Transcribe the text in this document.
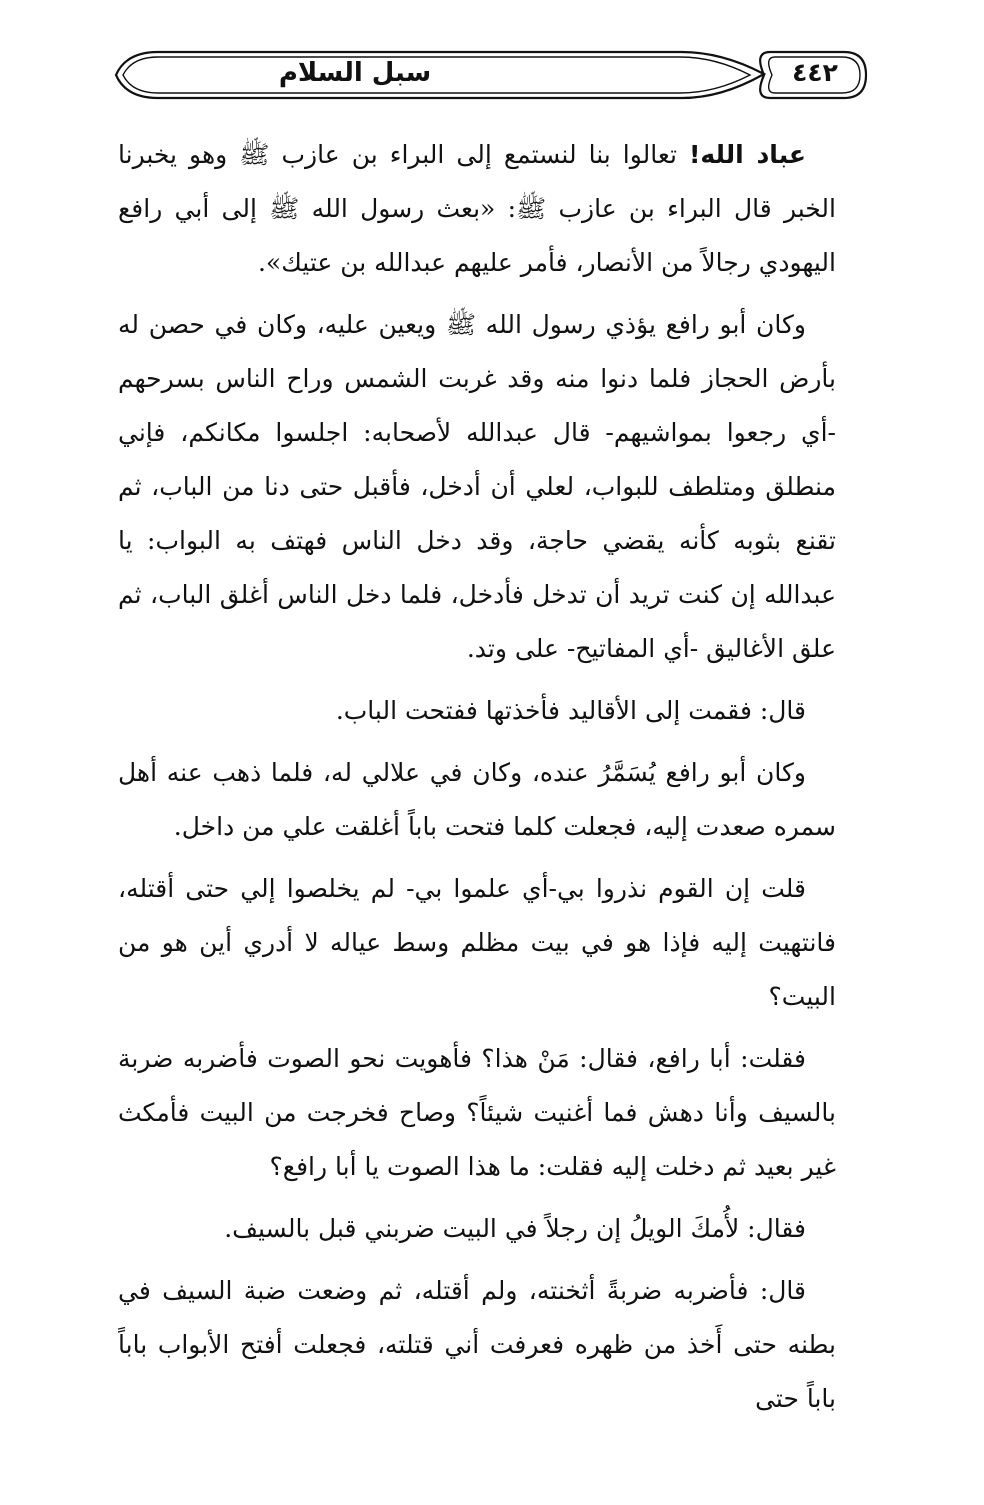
سبل السلام	٤٤٢

عباد الله! تعالوا بنا لنستمع إلى البراء بن عازب ﷺ وهو يخبرنا الخبر قال البراء بن عازب ﷺ: «بعث رسول الله ﷺ إلى أبي رافع اليهودي رجالاً من الأنصار، فأمر عليهم عبدالله بن عتيك».

وكان أبو رافع يؤذي رسول الله ﷺ ويعين عليه، وكان في حصن له بأرض الحجاز فلما دنوا منه وقد غربت الشمس وراح الناس بسرحهم -أي رجعوا بمواشيهم- قال عبدالله لأصحابه: اجلسوا مكانكم، فإني منطلق ومتلطف للبواب، لعلي أن أدخل، فأقبل حتى دنا من الباب، ثم تقنع بثوبه كأنه يقضي حاجة، وقد دخل الناس فهتف به البواب: يا عبدالله إن كنت تريد أن تدخل فأدخل، فلما دخل الناس أغلق الباب، ثم علق الأغاليق -أي المفاتيح- على وتد.

قال: فقمت إلى الأقاليد فأخذتها ففتحت الباب.

وكان أبو رافع يُسَمَّرُ عنده، وكان في علالي له، فلما ذهب عنه أهل سمره صعدت إليه، فجعلت كلما فتحت باباً أغلقت علي من داخل.

قلت إن القوم نذروا بي-أي علموا بي- لم يخلصوا إلي حتى أقتله، فانتهيت إليه فإذا هو في بيت مظلم وسط عياله لا أدري أين هو من البيت؟

فقلت: أبا رافع، فقال: مَنْ هذا؟ فأهويت نحو الصوت فأضربه ضربة بالسيف وأنا دهش فما أغنيت شيئاً؟ وصاح فخرجت من البيت فأمكث غير بعيد ثم دخلت إليه فقلت: ما هذا الصوت يا أبا رافع؟

فقال: لأُمكَ الويلُ إن رجلاً في البيت ضربني قبل بالسيف.

قال: فأضربه ضربةً أثخنته، ولم أقتله، ثم وضعت ضبة السيف في بطنه حتى أَخذ من ظهره فعرفت أني قتلته، فجعلت أفتح الأبواب باباً باباً حتى
